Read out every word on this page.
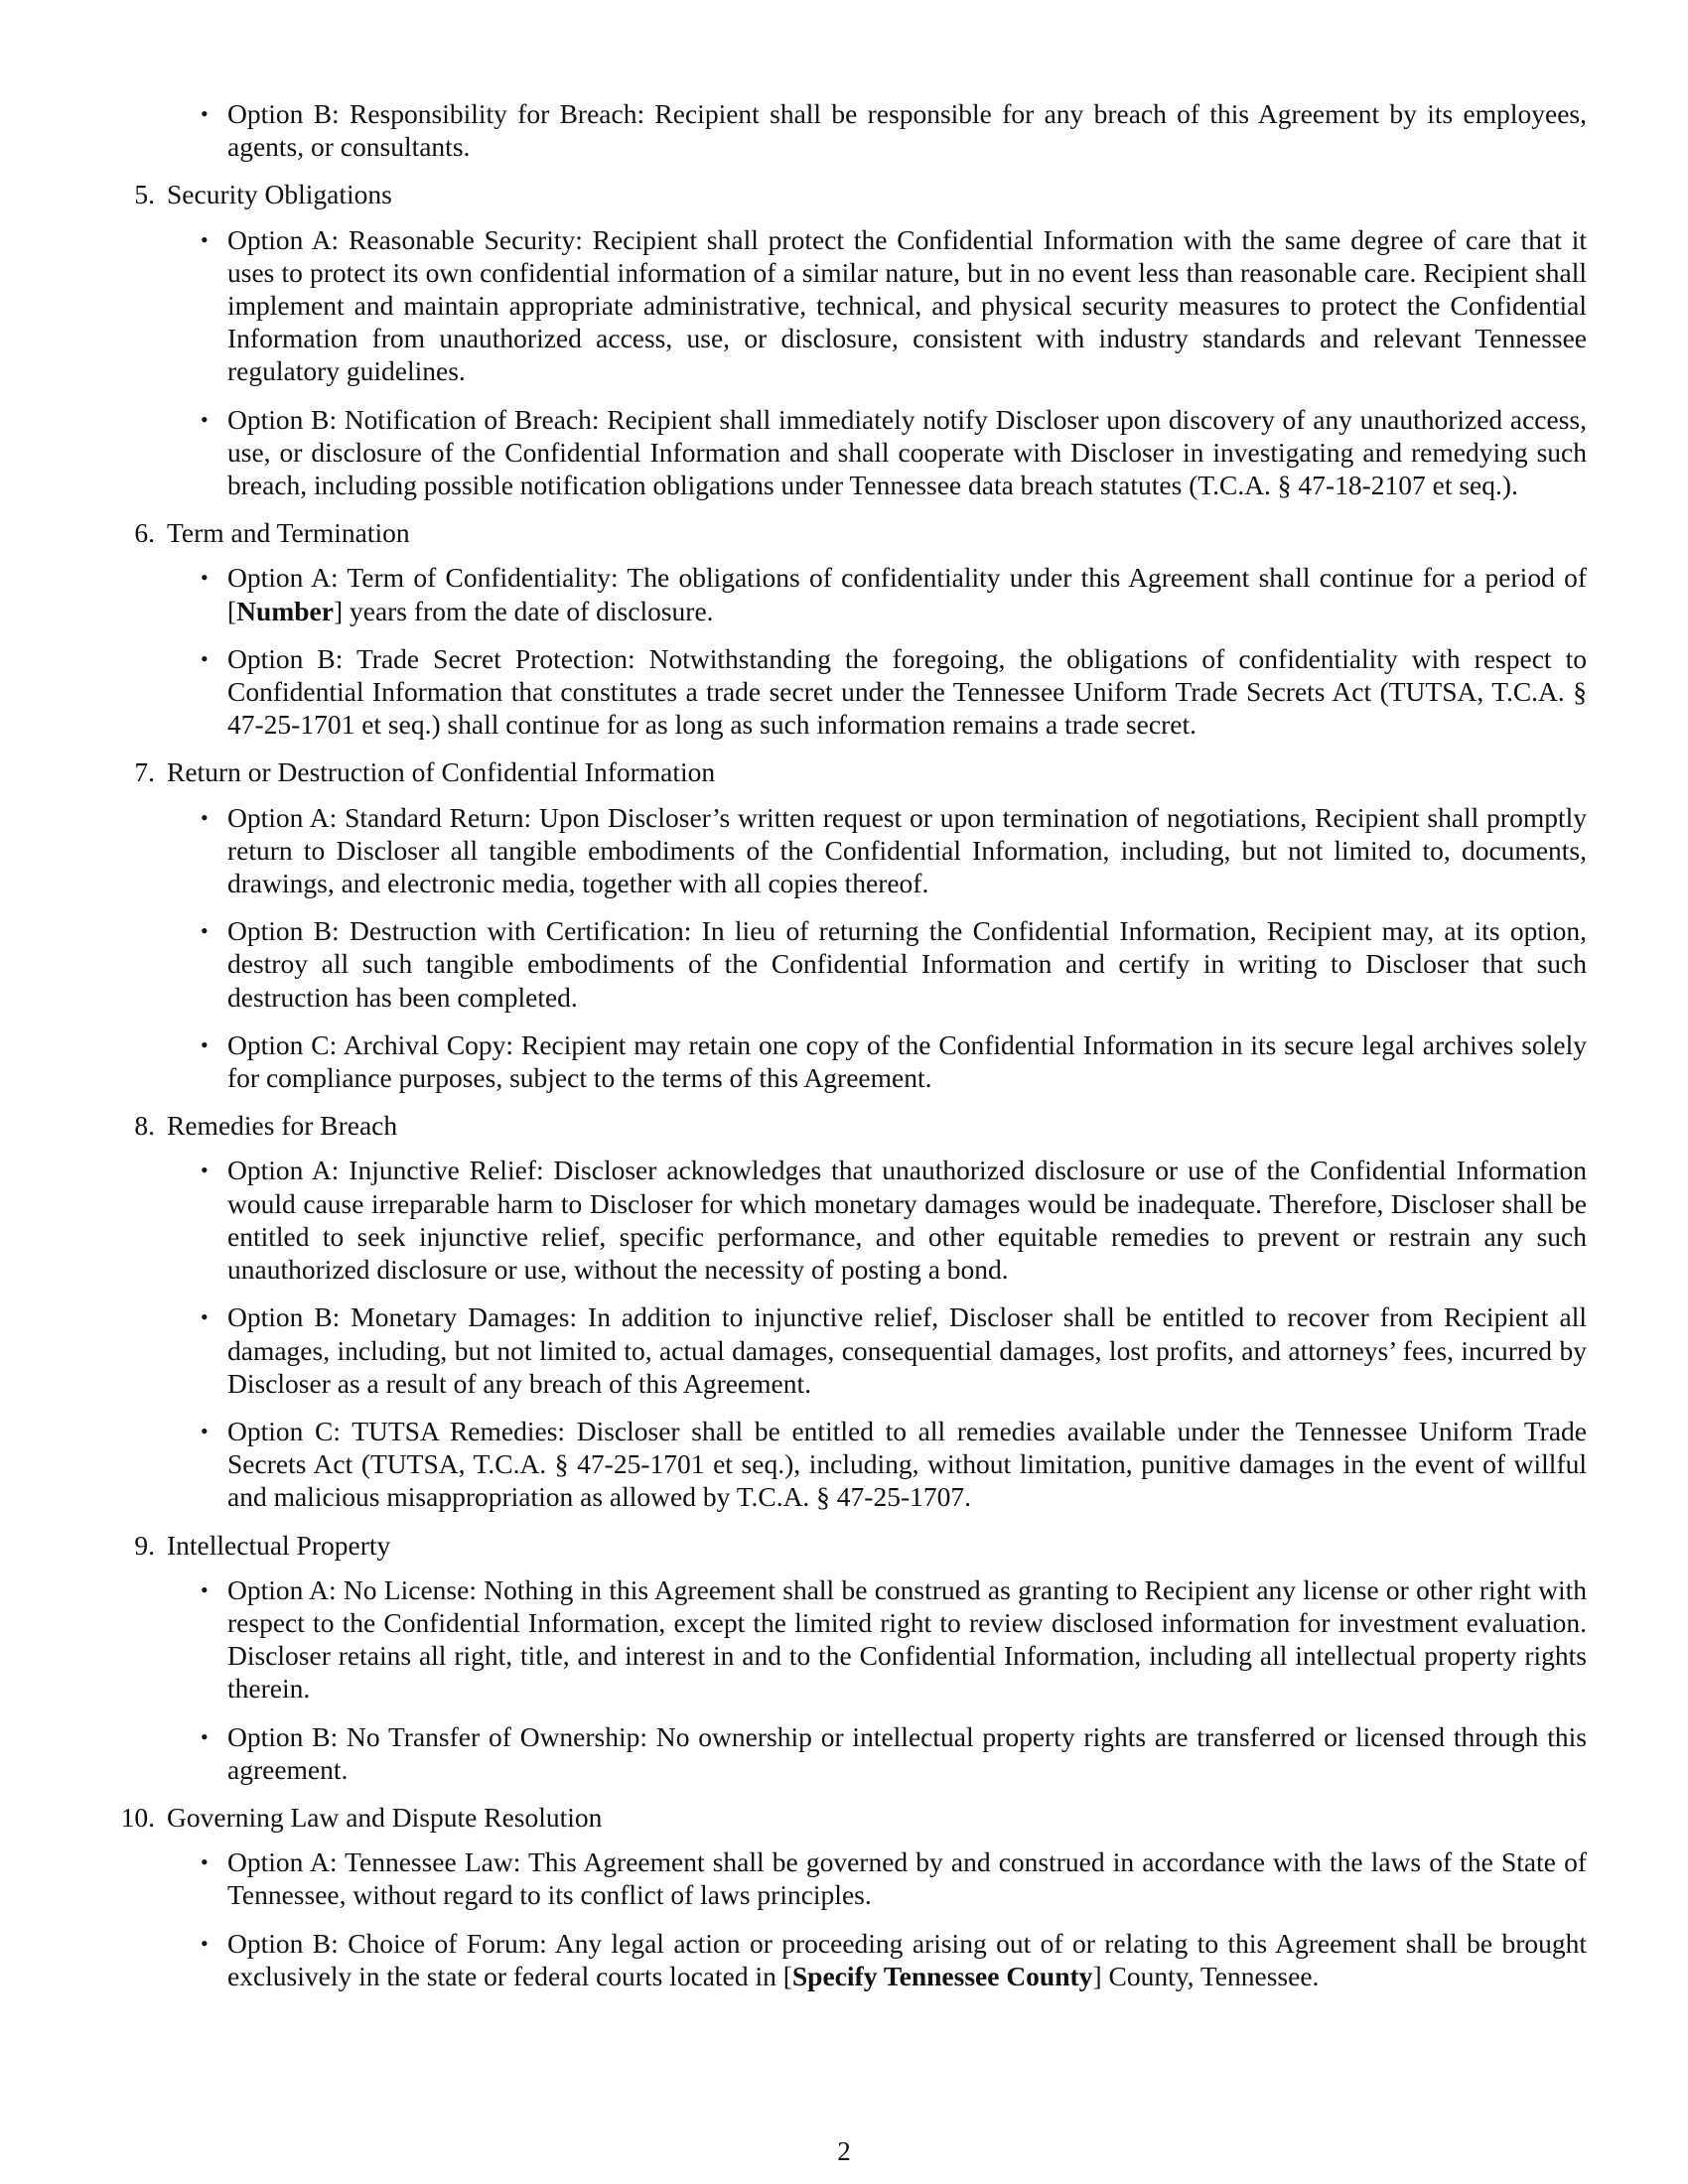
• Option B: Responsibility for Breach: Recipient shall be responsible for any breach of this Agreement by its employees, agents, or consultants.
5. Security Obligations
• Option A: Reasonable Security: Recipient shall protect the Confidential Information with the same degree of care that it uses to protect its own confidential information of a similar nature, but in no event less than reasonable care. Recipient shall implement and maintain appropriate administrative, technical, and physical security measures to protect the Confidential Information from unauthorized access, use, or disclosure, consistent with industry standards and relevant Tennessee regulatory guidelines.
• Option B: Notification of Breach: Recipient shall immediately notify Discloser upon discovery of any unauthorized access, use, or disclosure of the Confidential Information and shall cooperate with Discloser in investigating and remedying such breach, including possible notification obligations under Tennessee data breach statutes (T.C.A. § 47-18-2107 et seq.).
6. Term and Termination
• Option A: Term of Confidentiality: The obligations of confidentiality under this Agreement shall continue for a period of [Number] years from the date of disclosure.
• Option B: Trade Secret Protection: Notwithstanding the foregoing, the obligations of confidentiality with respect to Confidential Information that constitutes a trade secret under the Tennessee Uniform Trade Secrets Act (TUTSA, T.C.A. § 47-25-1701 et seq.) shall continue for as long as such information remains a trade secret.
7. Return or Destruction of Confidential Information
• Option A: Standard Return: Upon Discloser’s written request or upon termination of negotiations, Recipient shall promptly return to Discloser all tangible embodiments of the Confidential Information, including, but not limited to, documents, drawings, and electronic media, together with all copies thereof.
• Option B: Destruction with Certification: In lieu of returning the Confidential Information, Recipient may, at its option, destroy all such tangible embodiments of the Confidential Information and certify in writing to Discloser that such destruction has been completed.
• Option C: Archival Copy: Recipient may retain one copy of the Confidential Information in its secure legal archives solely for compliance purposes, subject to the terms of this Agreement.
8. Remedies for Breach
• Option A: Injunctive Relief: Discloser acknowledges that unauthorized disclosure or use of the Confidential Information would cause irreparable harm to Discloser for which monetary damages would be inadequate. Therefore, Discloser shall be entitled to seek injunctive relief, specific performance, and other equitable remedies to prevent or restrain any such unauthorized disclosure or use, without the necessity of posting a bond.
• Option B: Monetary Damages: In addition to injunctive relief, Discloser shall be entitled to recover from Recipient all damages, including, but not limited to, actual damages, consequential damages, lost profits, and attorneys’ fees, incurred by Discloser as a result of any breach of this Agreement.
• Option C: TUTSA Remedies: Discloser shall be entitled to all remedies available under the Tennessee Uniform Trade Secrets Act (TUTSA, T.C.A. § 47-25-1701 et seq.), including, without limitation, punitive damages in the event of willful and malicious misappropriation as allowed by T.C.A. § 47-25-1707.
9. Intellectual Property
• Option A: No License: Nothing in this Agreement shall be construed as granting to Recipient any license or other right with respect to the Confidential Information, except the limited right to review disclosed information for investment evaluation. Discloser retains all right, title, and interest in and to the Confidential Information, including all intellectual property rights therein.
• Option B: No Transfer of Ownership: No ownership or intellectual property rights are transferred or licensed through this agreement.
10. Governing Law and Dispute Resolution
• Option A: Tennessee Law: This Agreement shall be governed by and construed in accordance with the laws of the State of Tennessee, without regard to its conflict of laws principles.
• Option B: Choice of Forum: Any legal action or proceeding arising out of or relating to this Agreement shall be brought exclusively in the state or federal courts located in [Specify Tennessee County] County, Tennessee.
2
